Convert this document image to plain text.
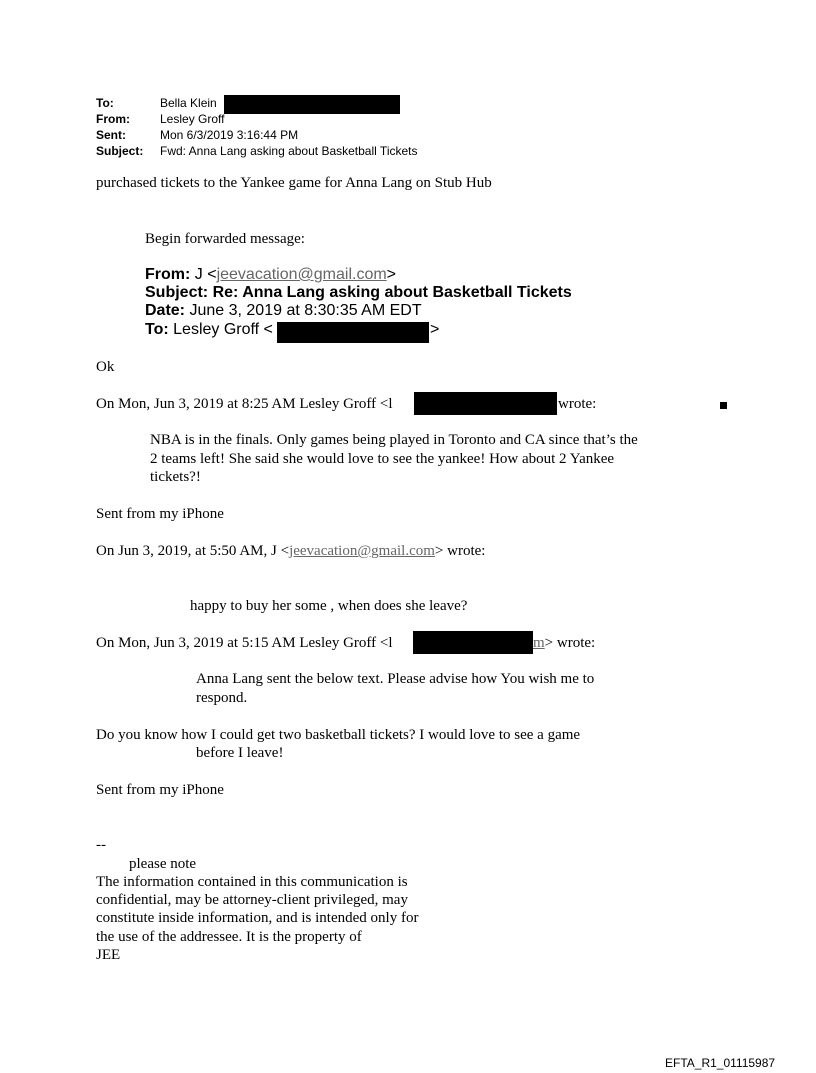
To:	Bella Klein
From:	Lesley Groff
Sent:	Mon 6/3/2019 3:16:44 PM
Subject: Fwd: Anna Lang asking about Basketball Tickets
purchased tickets to the Yankee game for Anna Lang on Stub Hub
Begin forwarded message:
From: J <jeevacation@gmail.com>
Subject: Re: Anna Lang asking about Basketball Tickets
Date: June 3, 2019 at 8:30:35 AM EDT
To: Lesley Groff <	>
Ok
On Mon, Jun 3, 2019 at 8:25 AM Lesley Groff <l	wrote:
NBA is in the finals. Only games being played in Toronto and CA since that’s the
2 teams left! She said she would love to see the yankee! How about 2 Yankee
tickets?!
Sent from my iPhone
On Jun 3, 2019, at 5:50 AM, J <jeevacation@gmail.com> wrote:
happy to buy her some , when does she leave?
On Mon, Jun 3, 2019 at 5:15 AM Lesley Groff <l	m> wrote:
Anna Lang sent the below text. Please advise how You wish me to
respond.
Do you know how I could get two basketball tickets? I would love to see a game
before I leave!
Sent from my iPhone
--
please note
The information contained in this communication is
confidential, may be attorney-client privileged, may
constitute inside information, and is intended only for
the use of the addressee. It is the property of
JEE
EFTA_R1_01115987
